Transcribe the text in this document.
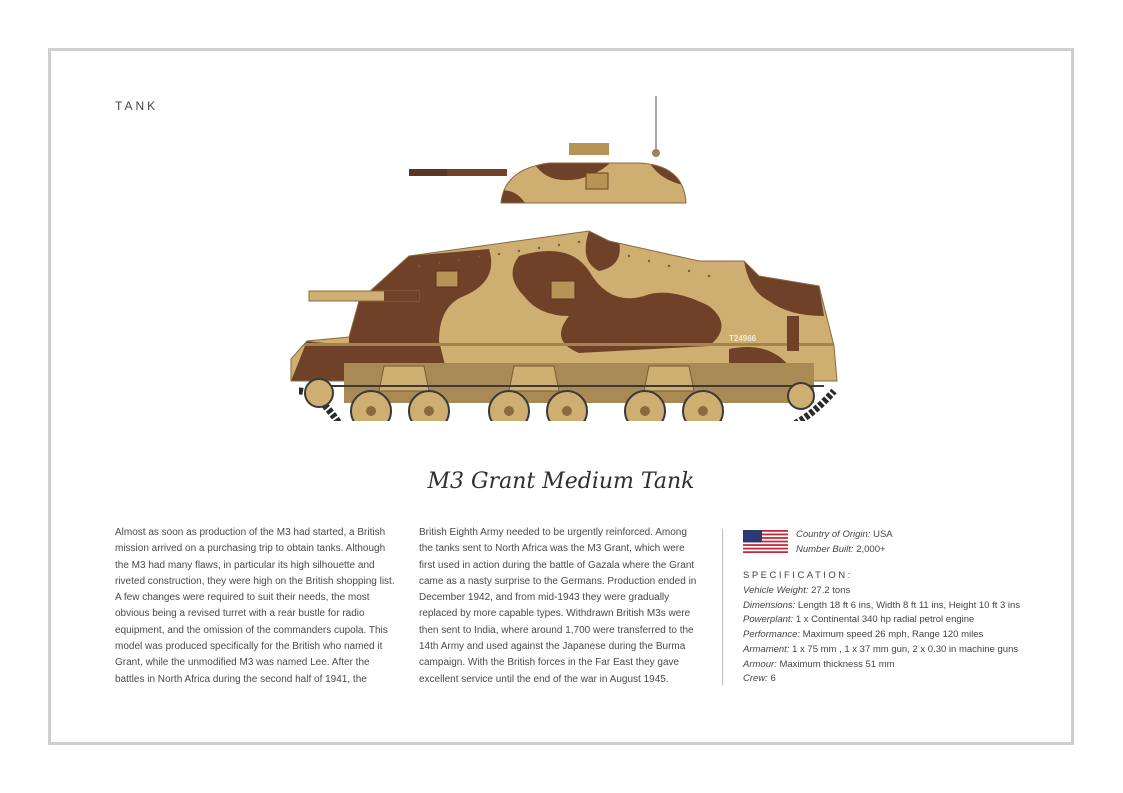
TANK
T24966
M3 Grant Medium Tank
Almost as soon as production of the M3 had started, a British mission arrived on a purchasing trip to obtain tanks. Although the M3 had many flaws, in particular its high silhouette and riveted construction, they were high on the British shopping list. A few changes were required to suit their needs, the most obvious being a revised turret with a rear bustle for radio equipment, and the omission of the commanders cupola. This model was produced specifically for the British who named it Grant, while the unmodified M3 was named Lee. After the battles in North Africa during the second half of 1941, the
British Eighth Army needed to be urgently reinforced. Among the tanks sent to North Africa was the M3 Grant, which were first used in action during the battle of Gazala where the Grant came as a nasty surprise to the Germans. Production ended in December 1942, and from mid-1943 they were gradually replaced by more capable types. Withdrawn British M3s were then sent to India, where around 1,700 were transferred to the 14th Army and used against the Japanese during the Burma campaign. With the British forces in the Far East they gave excellent service until the end of the war in August 1945.
Country of Origin: USA
Number Built: 2,000+
SPECIFICATION:
Vehicle Weight: 27.2 tons
Dimensions: Length 18 ft 6 ins, Width 8 ft 11 ins, Height 10 ft 3 ins
Powerplant: 1 x Continental 340 hp radial petrol engine
Performance: Maximum speed 26 mph, Range 120 miles
Armament: 1 x 75 mm , 1 x 37 mm gun, 2 x 0.30 in machine guns
Armour: Maximum thickness 51 mm
Crew: 6
